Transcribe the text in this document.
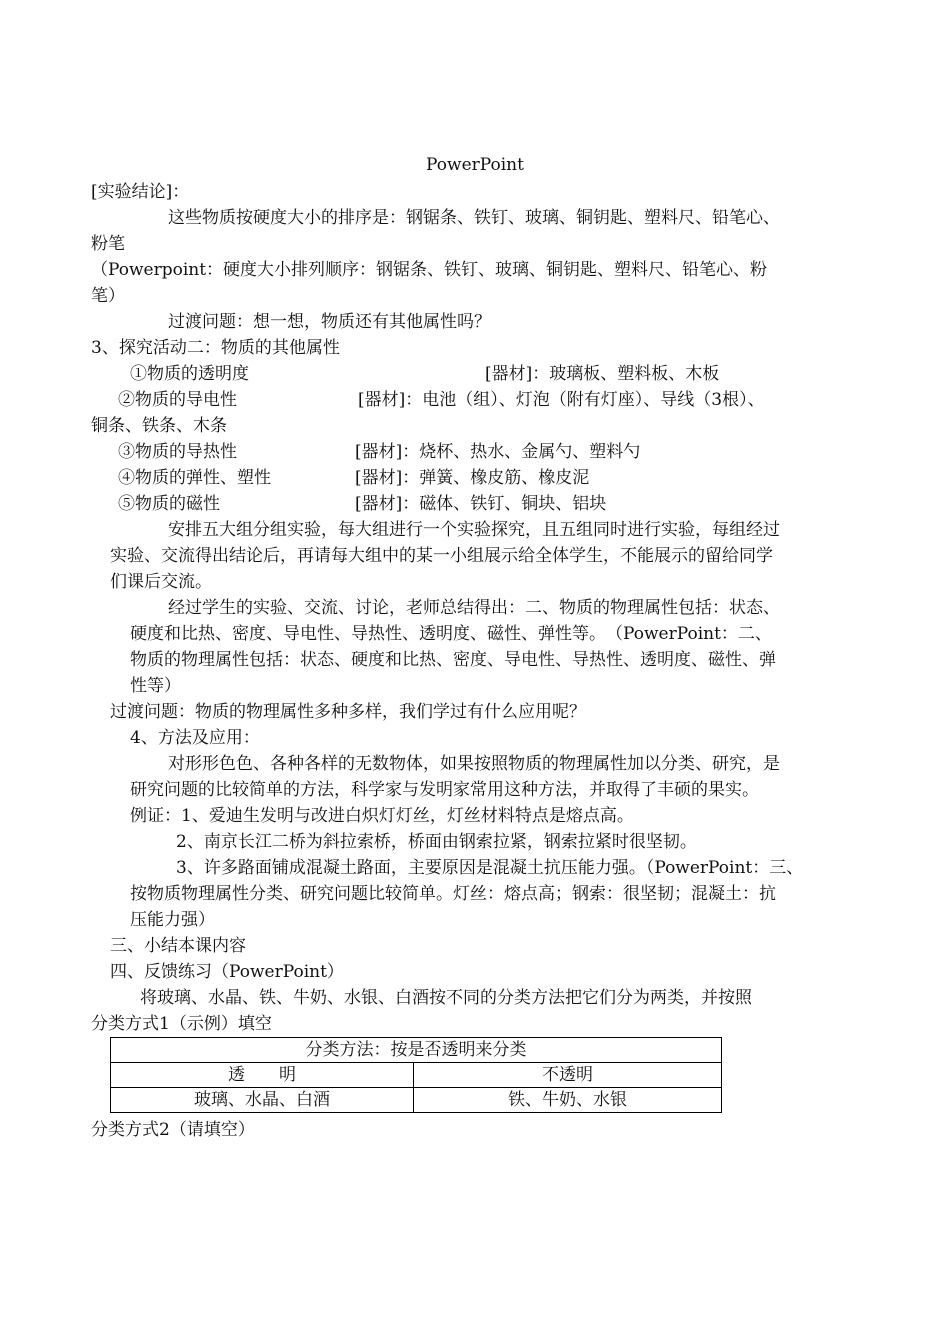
PowerPoint
[实验结论]：
这些物质按硬度大小的排序是：钢锯条、铁钉、玻璃、铜钥匙、塑料尺、铅笔心、
粉笔
（Powerpoint：硬度大小排列顺序：钢锯条、铁钉、玻璃、铜钥匙、塑料尺、铅笔心、粉
笔）
过渡问题：想一想，物质还有其他属性吗？
3、探究活动二：物质的其他属性
①物质的透明度	[器材]：玻璃板、塑料板、木板
②物质的导电性	[器材]：电池（组）、灯泡（附有灯座）、导线（3根）、
铜条、铁条、木条
③物质的导热性	[器材]：烧杯、热水、金属勺、塑料勺
④物质的弹性、塑性	[器材]：弹簧、橡皮筋、橡皮泥
⑤物质的磁性	[器材]：磁体、铁钉、铜块、铝块
安排五大组分组实验，每大组进行一个实验探究，且五组同时进行实验，每组经过
实验、交流得出结论后，再请每大组中的某一小组展示给全体学生，不能展示的留给同学
们课后交流。
经过学生的实验、交流、讨论，老师总结得出：二、物质的物理属性包括：状态、
硬度和比热、密度、导电性、导热性、透明度、磁性、弹性等。　（PowerPoint：二、
物质的物理属性包括：状态、硬度和比热、密度、导电性、导热性、透明度、磁性、弹
性等）
过渡问题：物质的物理属性多种多样，我们学过有什么应用呢？
4、方法及应用：
对形形色色、各种各样的无数物体，如果按照物质的物理属性加以分类、研究，是
研究问题的比较简单的方法，科学家与发明家常用这种方法，并取得了丰硕的果实。
例证：1、爱迪生发明与改进白炽灯灯丝，灯丝材料特点是熔点高。
2、南京长江二桥为斜拉索桥，桥面由钢索拉紧，钢索拉紧时很坚韧。
3、许多路面铺成混凝土路面，主要原因是混凝土抗压能力强。（PowerPoint：三、
按物质物理属性分类、研究问题比较简单。灯丝：熔点高；钢索：很坚韧；混凝土：抗
压能力强）
三、小结本课内容
四、反馈练习（PowerPoint）
将玻璃、水晶、铁、牛奶、水银、白酒按不同的分类方法把它们分为两类，并按照
分类方式1（示例）填空
分类方法：按是否透明来分类	
透　　明	不透明
玻璃、水晶、白酒	铁、牛奶、水银
分类方式2（请填空）
